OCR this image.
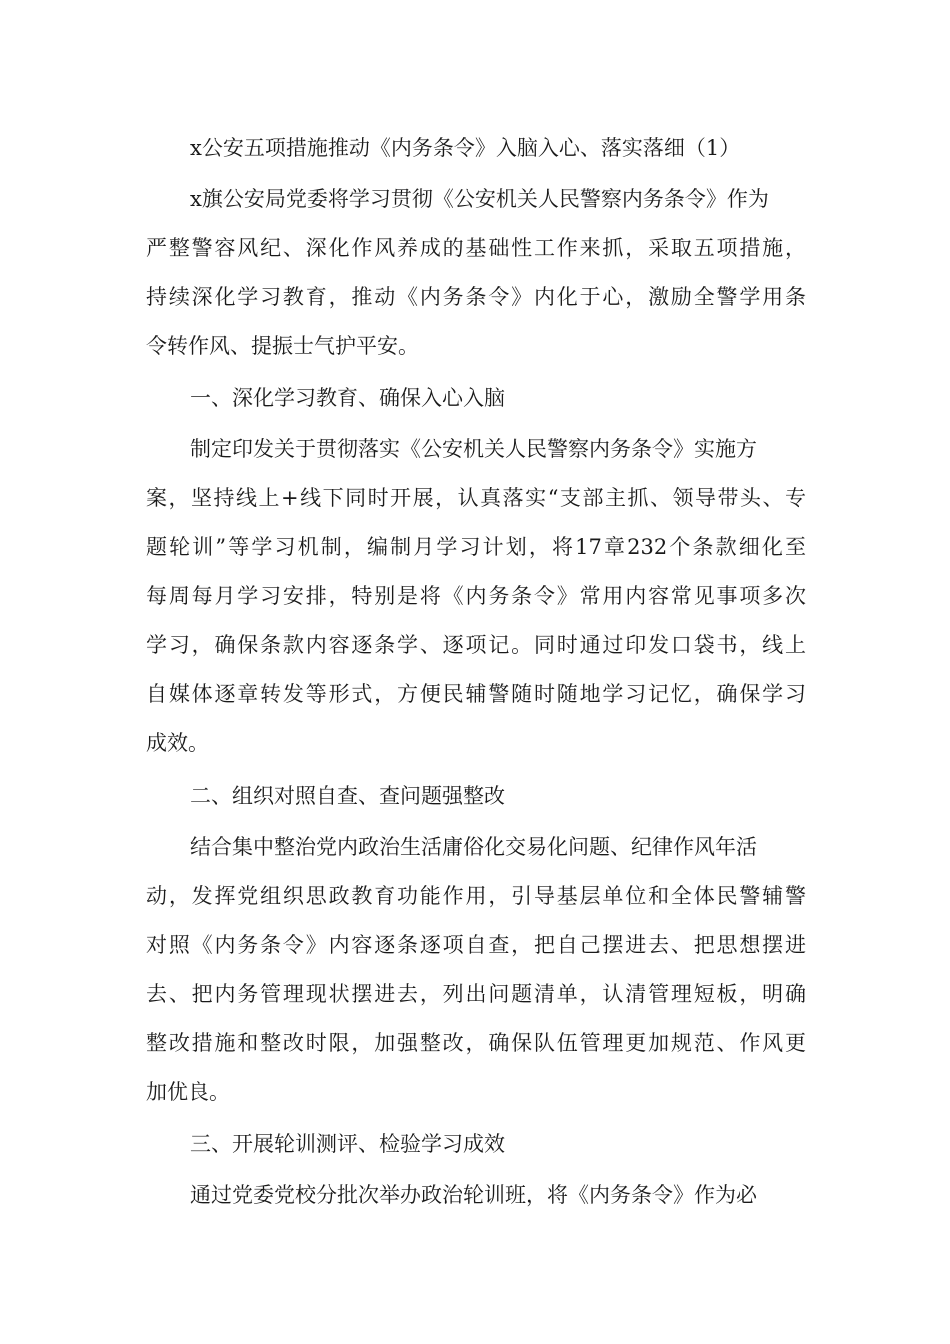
x公安五项措施推动《内务条令》入脑入心、落实落细（1）
x旗公安局党委将学习贯彻《公安机关人民警察内务条令》作为
严整警容风纪、深化作风养成的基础性工作来抓，采取五项措施，
持续深化学习教育，推动《内务条令》内化于心，激励全警学用条
令转作风、提振士气护平安。
一、深化学习教育、确保入心入脑
制定印发关于贯彻落实《公安机关人民警察内务条令》实施方
案，坚持线上+线下同时开展，认真落实“支部主抓、领导带头、专
题轮训”等学习机制，编制月学习计划，将17章232个条款细化至
每周每月学习安排，特别是将《内务条令》常用内容常见事项多次
学习，确保条款内容逐条学、逐项记。同时通过印发口袋书，线上
自媒体逐章转发等形式，方便民辅警随时随地学习记忆，确保学习
成效。
二、组织对照自查、查问题强整改
结合集中整治党内政治生活庸俗化交易化问题、纪律作风年活
动，发挥党组织思政教育功能作用，引导基层单位和全体民警辅警
对照《内务条令》内容逐条逐项自查，把自己摆进去、把思想摆进
去、把内务管理现状摆进去，列出问题清单，认清管理短板，明确
整改措施和整改时限，加强整改，确保队伍管理更加规范、作风更
加优良。
三、开展轮训测评、检验学习成效
通过党委党校分批次举办政治轮训班，将《内务条令》作为必
